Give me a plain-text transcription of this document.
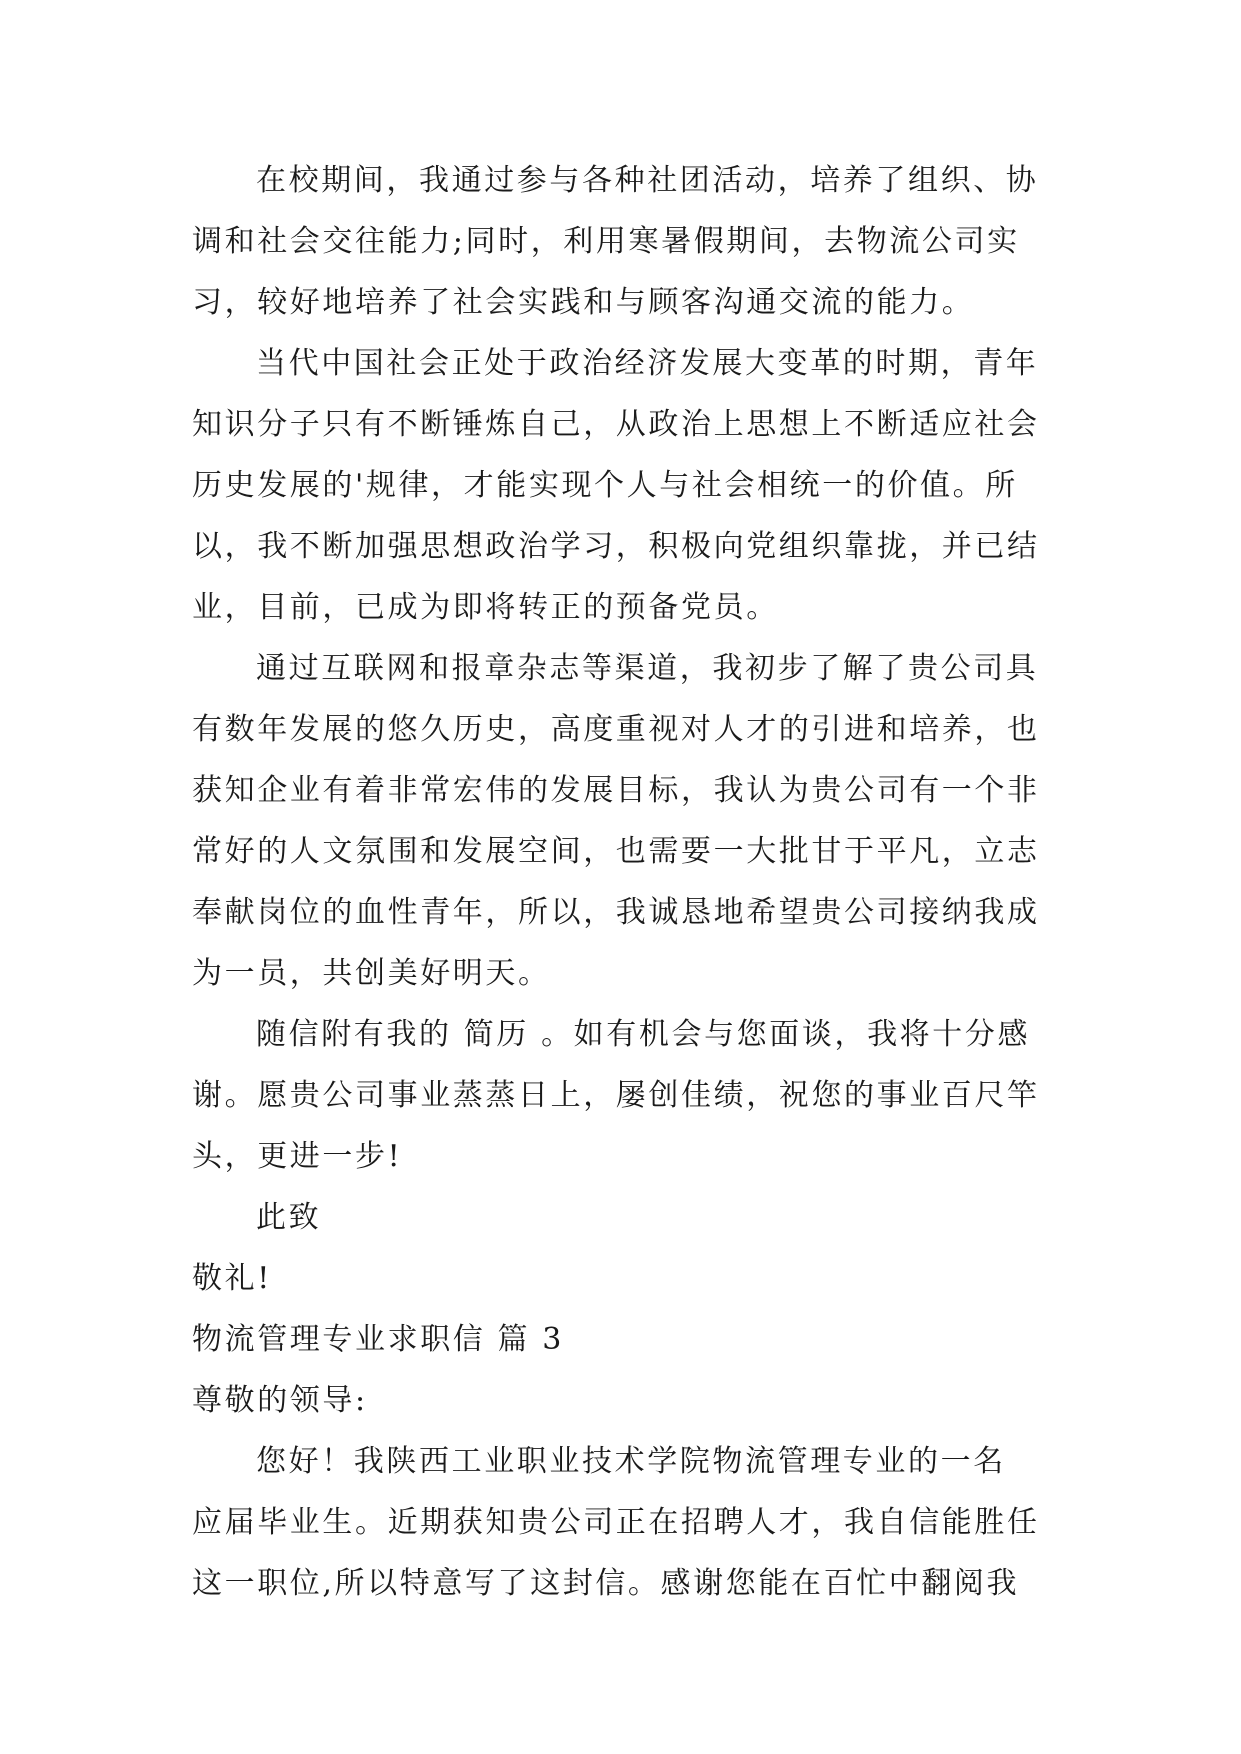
在校期间，我通过参与各种社团活动，培养了组织、协
调和社会交往能力;同时，利用寒暑假期间，去物流公司实
习，较好地培养了社会实践和与顾客沟通交流的能力。
当代中国社会正处于政治经济发展大变革的时期，青年
知识分子只有不断锤炼自己，从政治上思想上不断适应社会
历史发展的'规律，才能实现个人与社会相统一的价值。所
以，我不断加强思想政治学习，积极向党组织靠拢，并已结
业，目前，已成为即将转正的预备党员。
通过互联网和报章杂志等渠道，我初步了解了贵公司具
有数年发展的悠久历史，高度重视对人才的引进和培养，也
获知企业有着非常宏伟的发展目标，我认为贵公司有一个非
常好的人文氛围和发展空间，也需要一大批甘于平凡，立志
奉献岗位的血性青年，所以，我诚恳地希望贵公司接纳我成
为一员，共创美好明天。
随信附有我的 简历 。如有机会与您面谈，我将十分感
谢。愿贵公司事业蒸蒸日上，屡创佳绩，祝您的事业百尺竿
头，更进一步!
此致
敬礼!
物流管理专业求职信 篇 3
尊敬的领导:
您好！我陕西工业职业技术学院物流管理专业的一名
应届毕业生。近期获知贵公司正在招聘人才，我自信能胜任
这一职位,所以特意写了这封信。感谢您能在百忙中翻阅我
